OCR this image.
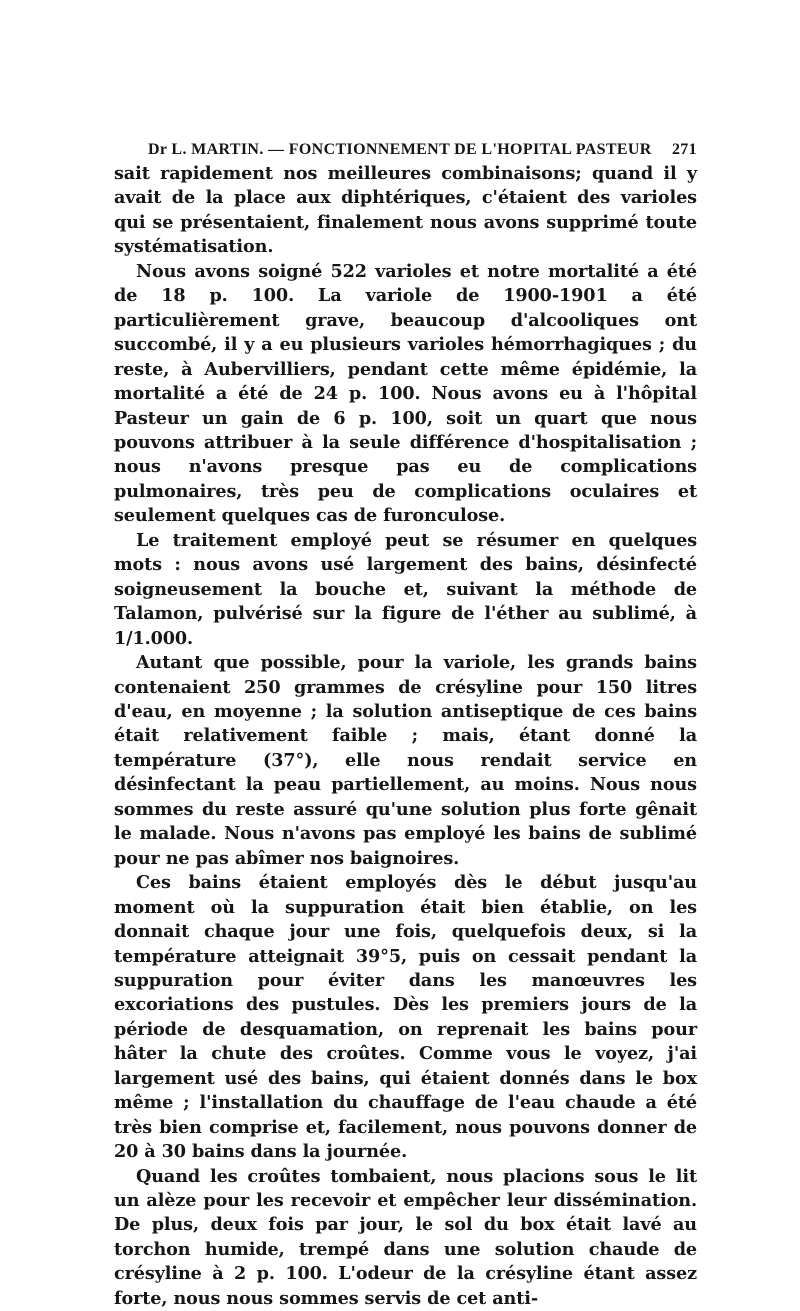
Dr L. MARTIN. — FONCTIONNEMENT DE L'HOPITAL PASTEUR 271

sait rapidement nos meilleures combinaisons; quand il y avait de la place aux diphtériques, c'étaient des varioles qui se présentaient, finalement nous avons supprimé toute systématisation.

Nous avons soigné 522 varioles et notre mortalité a été de 18 p. 100. La variole de 1900-1901 a été particulièrement grave, beaucoup d'alcooliques ont succombé, il y a eu plusieurs varioles hémorrhagiques ; du reste, à Aubervilliers, pendant cette même épidémie, la mortalité a été de 24 p. 100. Nous avons eu à l'hôpital Pasteur un gain de 6 p. 100, soit un quart que nous pouvons attribuer à la seule différence d'hospitalisation ; nous n'avons presque pas eu de complications pulmonaires, très peu de complications oculaires et seulement quelques cas de furonculose.

Le traitement employé peut se résumer en quelques mots : nous avons usé largement des bains, désinfecté soigneusement la bouche et, suivant la méthode de Talamon, pulvérisé sur la figure de l'éther au sublimé, à 1/1.000.

Autant que possible, pour la variole, les grands bains contenaient 250 grammes de crésyline pour 150 litres d'eau, en moyenne ; la solution antiseptique de ces bains était relativement faible ; mais, étant donné la température (37°), elle nous rendait service en désinfectant la peau partiellement, au moins. Nous nous sommes du reste assuré qu'une solution plus forte gênait le malade. Nous n'avons pas employé les bains de sublimé pour ne pas abîmer nos baignoires.

Ces bains étaient employés dès le début jusqu'au moment où la suppuration était bien établie, on les donnait chaque jour une fois, quelquefois deux, si la température atteignait 39°5, puis on cessait pendant la suppuration pour éviter dans les manœuvres les excoriations des pustules. Dès les premiers jours de la période de desquamation, on reprenait les bains pour hâter la chute des croûtes. Comme vous le voyez, j'ai largement usé des bains, qui étaient donnés dans le box même ; l'installation du chauffage de l'eau chaude a été très bien comprise et, facilement, nous pouvons donner de 20 à 30 bains dans la journée.

Quand les croûtes tombaient, nous placions sous le lit un alèze pour les recevoir et empêcher leur dissémination. De plus, deux fois par jour, le sol du box était lavé au torchon humide, trempé dans une solution chaude de crésyline à 2 p. 100. L'odeur de la crésyline étant assez forte, nous nous sommes servis de cet anti-
